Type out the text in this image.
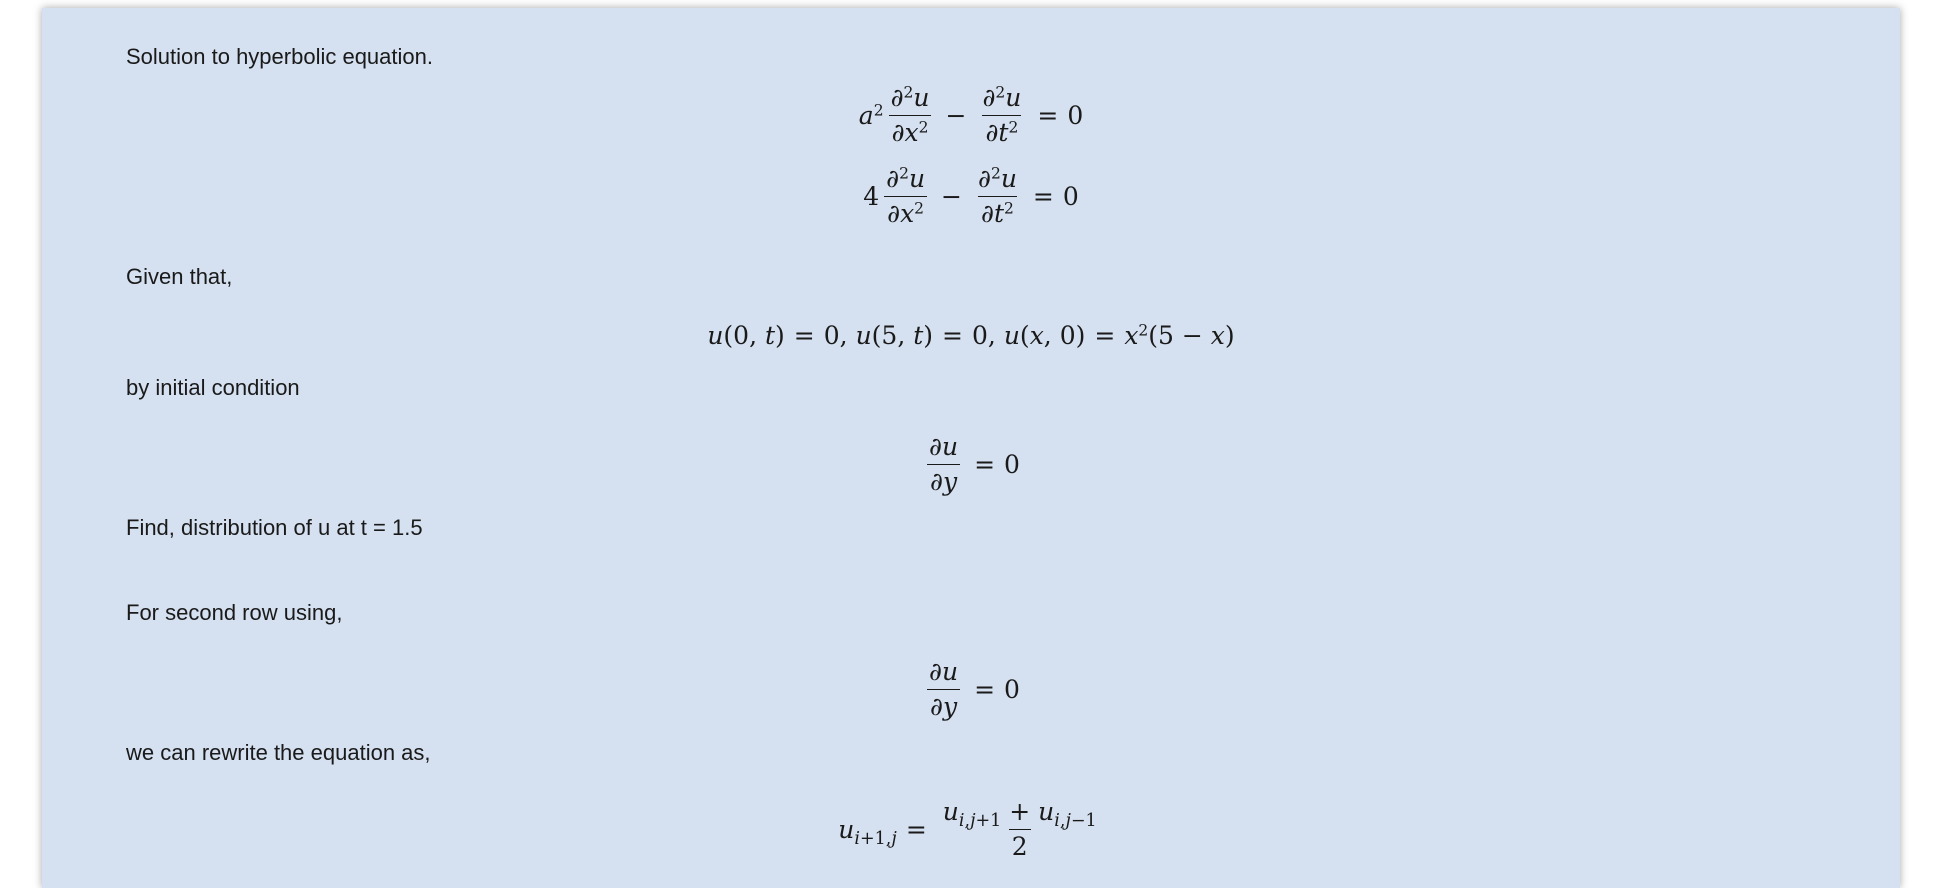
Solution to hyperbolic equation.

$a^2 \frac{\partial^2u}{\partial x^2} - \frac{\partial^2u}{\partial t^2} = 0$
$4 \frac{\partial^2u}{\partial x^2} - \frac{\partial^2u}{\partial t^2} = 0$

Given that,

u(0, t) = 0, u(5, t) = 0, u(x, $0) = x^2(5 - x)$

by initial condition

$\frac{\partial u}{\partial y} = 0$

Find, distribution of u at t = 1.5

For second row using,

$\frac{\partial u}{\partial y} = 0$

we can rewrite the equation as,

$u_{i+1,j} = \frac{u_{i,j+1} + u_{i,j-1}}{2}$
